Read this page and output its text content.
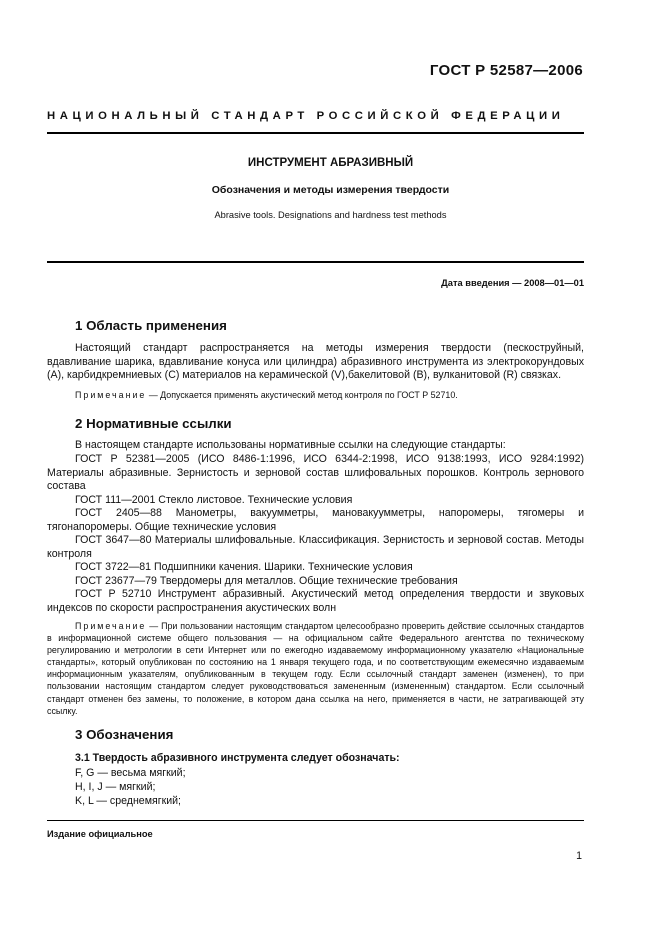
ГОСТ Р 52587—2006
НАЦИОНАЛЬНЫЙ СТАНДАРТ РОССИЙСКОЙ ФЕДЕРАЦИИ
ИНСТРУМЕНТ АБРАЗИВНЫЙ
Обозначения и методы измерения твердости
Abrasive tools. Designations and hardness test methods
Дата введения — 2008—01—01
1 Область применения
Настоящий стандарт распространяется на методы измерения твердости (пескоструйный, вдавливание шарика, вдавливание конуса или цилиндра) абразивного инструмента из электрокорундовых (А), карбидкремниевых (С) материалов на керамической (V),бакелитовой (В), вулканитовой (R) связках.
Примечание — Допускается применять акустический метод контроля по ГОСТ Р 52710.
2 Нормативные ссылки
В настоящем стандарте использованы нормативные ссылки на следующие стандарты:
ГОСТ Р 52381—2005 (ИСО 8486-1:1996, ИСО 6344-2:1998, ИСО 9138:1993, ИСО 9284:1992) Материалы абразивные. Зернистость и зерновой состав шлифовальных порошков. Контроль зернового состава
ГОСТ 111—2001 Стекло листовое. Технические условия
ГОСТ 2405—88 Манометры, вакуумметры, мановакуумметры, напоромеры, тягомеры и тягонапоромеры. Общие технические условия
ГОСТ 3647—80 Материалы шлифовальные. Классификация. Зернистость и зерновой состав. Методы контроля
ГОСТ 3722—81 Подшипники качения. Шарики. Технические условия
ГОСТ 23677—79 Твердомеры для металлов. Общие технические требования
ГОСТ Р 52710 Инструмент абразивный. Акустический метод определения твердости и звуковых индексов по скорости распространения акустических волн
Примечание — При пользовании настоящим стандартом целесообразно проверить действие ссылочных стандартов в информационной системе общего пользования — на официальном сайте Федерального агентства по техническому регулированию и метрологии в сети Интернет или по ежегодно издаваемому информационному указателю «Национальные стандарты», который опубликован по состоянию на 1 января текущего года, и по соответствующим ежемесячно издаваемым информационным указателям, опубликованным в текущем году. Если ссылочный стандарт заменен (изменен), то при пользовании настоящим стандартом следует руководствоваться замененным (измененным) стандартом. Если ссылочный стандарт отменен без замены, то положение, в котором дана ссылка на него, применяется в части, не затрагивающей эту ссылку.
3 Обозначения
3.1 Твердость абразивного инструмента следует обозначать:
F, G — весьма мягкий;
H, I, J — мягкий;
K, L — среднемягкий;
Издание официальное
1
